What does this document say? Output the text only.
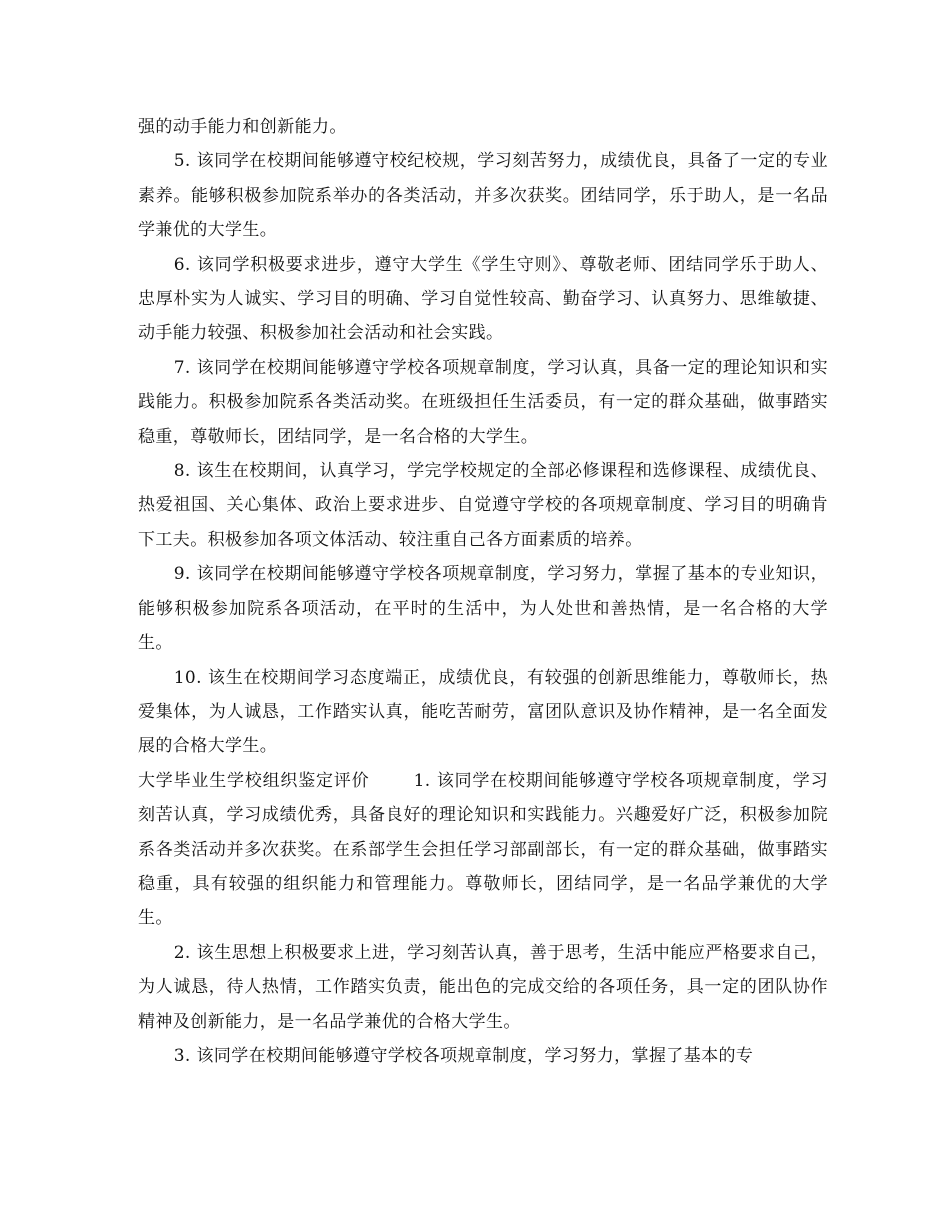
强的动手能力和创新能力。

5. 该同学在校期间能够遵守校纪校规，学习刻苦努力，成绩优良，具备了一定的专业素养。能够积极参加院系举办的各类活动，并多次获奖。团结同学，乐于助人，是一名品学兼优的大学生。

6. 该同学积极要求进步，遵守大学生《学生守则》、尊敬老师、团结同学乐于助人、忠厚朴实为人诚实、学习目的明确、学习自觉性较高、勤奋学习、认真努力、思维敏捷、动手能力较强、积极参加社会活动和社会实践。

7. 该同学在校期间能够遵守学校各项规章制度，学习认真，具备一定的理论知识和实践能力。积极参加院系各类活动奖。在班级担任生活委员，有一定的群众基础，做事踏实稳重，尊敬师长，团结同学，是一名合格的大学生。

8. 该生在校期间，认真学习，学完学校规定的全部必修课程和选修课程、成绩优良、热爱祖国、关心集体、政治上要求进步、自觉遵守学校的各项规章制度、学习目的明确肯下工夫。积极参加各项文体活动、较注重自己各方面素质的培养。

9. 该同学在校期间能够遵守学校各项规章制度，学习努力，掌握了基本的专业知识，能够积极参加院系各项活动，在平时的生活中，为人处世和善热情，是一名合格的大学生。

10. 该生在校期间学习态度端正，成绩优良，有较强的创新思维能力，尊敬师长，热爱集体，为人诚恳，工作踏实认真，能吃苦耐劳，富团队意识及协作精神，是一名全面发展的合格大学生。

大学毕业生学校组织鉴定评价	1. 该同学在校期间能够遵守学校各项规章制度，学习刻苦认真，学习成绩优秀，具备良好的理论知识和实践能力。兴趣爱好广泛，积极参加院系各类活动并多次获奖。在系部学生会担任学习部副部长，有一定的群众基础，做事踏实稳重，具有较强的组织能力和管理能力。尊敬师长，团结同学，是一名品学兼优的大学生。

2. 该生思想上积极要求上进，学习刻苦认真，善于思考，生活中能应严格要求自己，为人诚恳，待人热情，工作踏实负责，能出色的完成交给的各项任务，具一定的团队协作精神及创新能力，是一名品学兼优的合格大学生。

3. 该同学在校期间能够遵守学校各项规章制度，学习努力，掌握了基本的专
